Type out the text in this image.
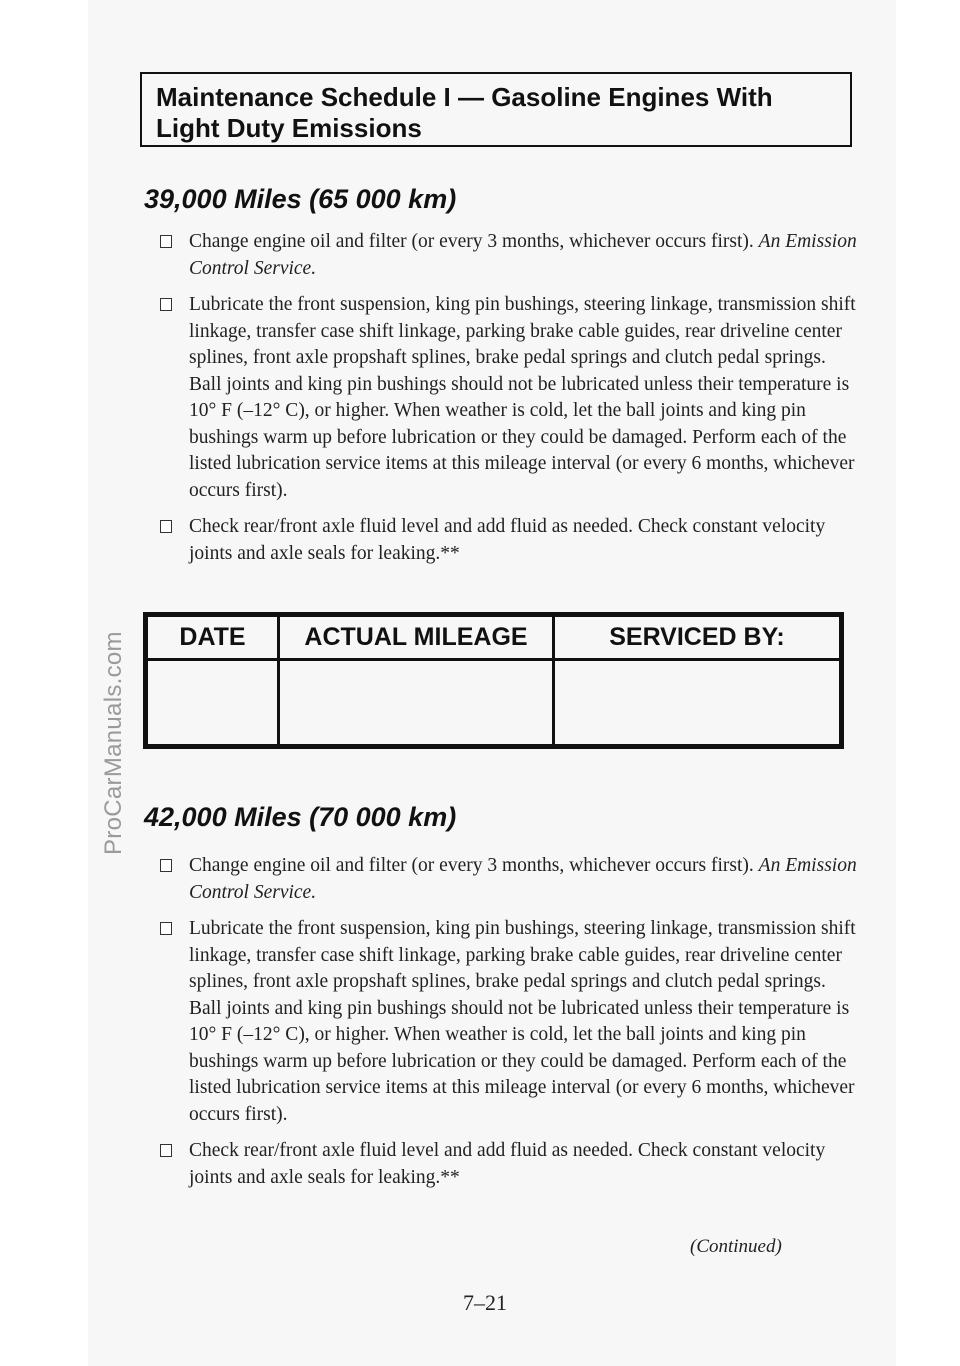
ProCarManuals.com
Maintenance Schedule I — Gasoline Engines With Light Duty Emissions
39,000 Miles (65 000 km)
Change engine oil and filter (or every 3 months, whichever occurs first). An Emission Control Service.
Lubricate the front suspension, king pin bushings, steering linkage, transmission shift linkage, transfer case shift linkage, parking brake cable guides, rear driveline center splines, front axle propshaft splines, brake pedal springs and clutch pedal springs. Ball joints and king pin bushings should not be lubricated unless their temperature is 10° F (–12° C), or higher. When weather is cold, let the ball joints and king pin bushings warm up before lubrication or they could be damaged. Perform each of the listed lubrication service items at this mileage interval (or every 6 months, whichever occurs first).
Check rear/front axle fluid level and add fluid as needed. Check constant velocity joints and axle seals for leaking.**
DATE	ACTUAL MILEAGE	SERVICED BY:
42,000 Miles (70 000 km)
Change engine oil and filter (or every 3 months, whichever occurs first). An Emission Control Service.
Lubricate the front suspension, king pin bushings, steering linkage, transmission shift linkage, transfer case shift linkage, parking brake cable guides, rear driveline center splines, front axle propshaft splines, brake pedal springs and clutch pedal springs. Ball joints and king pin bushings should not be lubricated unless their temperature is 10° F (–12° C), or higher. When weather is cold, let the ball joints and king pin bushings warm up before lubrication or they could be damaged. Perform each of the listed lubrication service items at this mileage interval (or every 6 months, whichever occurs first).
Check rear/front axle fluid level and add fluid as needed. Check constant velocity joints and axle seals for leaking.**
(Continued)
7–21
